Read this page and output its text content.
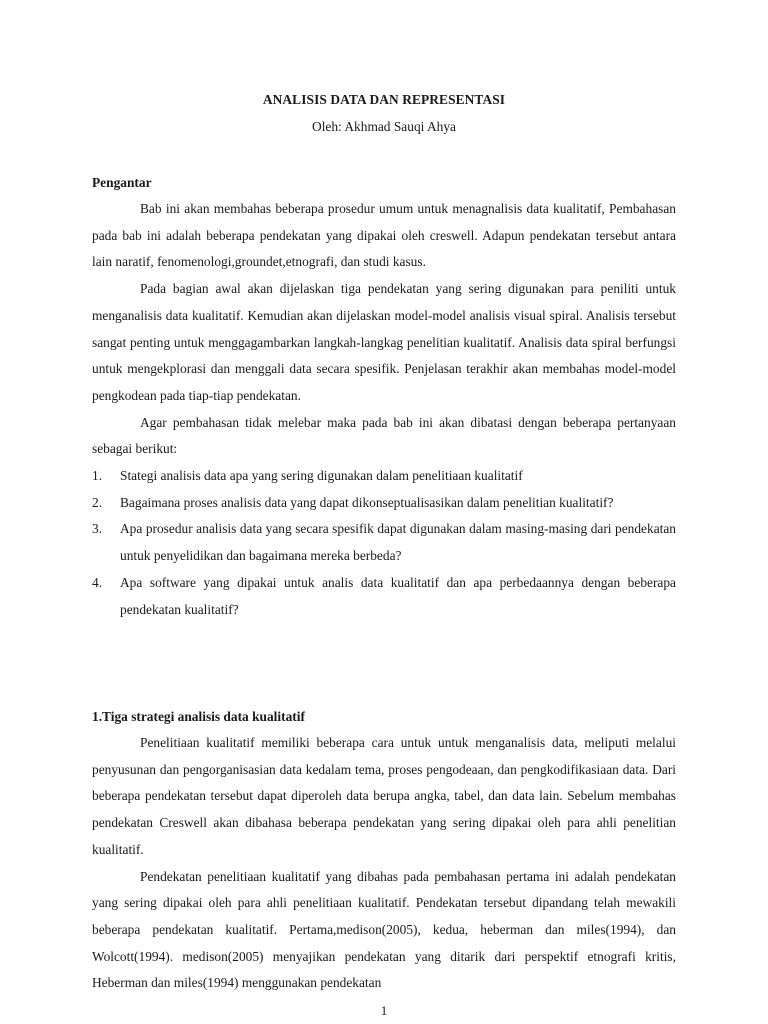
ANALISIS DATA DAN REPRESENTASI
Oleh: Akhmad Sauqi Ahya
Pengantar

Bab ini akan membahas beberapa prosedur umum untuk menagnalisis data kualitatif, Pembahasan pada bab ini adalah beberapa pendekatan yang dipakai oleh creswell. Adapun pendekatan tersebut antara lain naratif, fenomenologi,groundet,etnografi, dan studi kasus.

Pada bagian awal akan dijelaskan tiga pendekatan yang sering digunakan para peniliti untuk menganalisis data kualitatif. Kemudian akan dijelaskan model-model analisis visual spiral. Analisis tersebut sangat penting untuk menggagambarkan langkah-langkag penelitian kualitatif. Analisis data spiral berfungsi untuk mengekplorasi dan menggali data secara spesifik. Penjelasan terakhir akan membahas model-model pengkodean pada tiap-tiap pendekatan.

Agar pembahasan tidak melebar maka pada bab ini akan dibatasi dengan beberapa pertanyaan sebagai berikut:

1. Stategi analisis data apa yang sering digunakan dalam penelitiaan kualitatif
2. Bagaimana proses analisis data yang dapat dikonseptualisasikan dalam penelitian kualitatif?
3. Apa prosedur analisis data yang secara spesifik dapat digunakan dalam masing-masing dari pendekatan untuk penyelidikan dan bagaimana mereka berbeda?
4. Apa software yang dipakai untuk analis data kualitatif dan apa perbedaannya dengan beberapa pendekatan kualitatif?
1.Tiga strategi analisis data kualitatif

Penelitiaan kualitatif memiliki beberapa cara untuk untuk menganalisis data, meliputi melalui penyusunan dan pengorganisasian data kedalam tema, proses pengodeaan, dan pengkodifikasiaan data. Dari beberapa pendekatan tersebut dapat diperoleh data berupa angka, tabel, dan data lain. Sebelum membahas pendekatan Creswell akan dibahasa beberapa pendekatan yang sering dipakai oleh para ahli penelitian kualitatif.

Pendekatan penelitiaan kualitatif yang dibahas pada pembahasan pertama ini adalah pendekatan yang sering dipakai oleh para ahli penelitiaan kualitatif. Pendekatan tersebut dipandang telah mewakili beberapa pendekatan kualitatif. Pertama,medison(2005), kedua, heberman dan miles(1994), dan Wolcott(1994). medison(2005) menyajikan pendekatan yang ditarik dari perspektif etnografi kritis, Heberman dan miles(1994) menggunakan pendekatan

1
